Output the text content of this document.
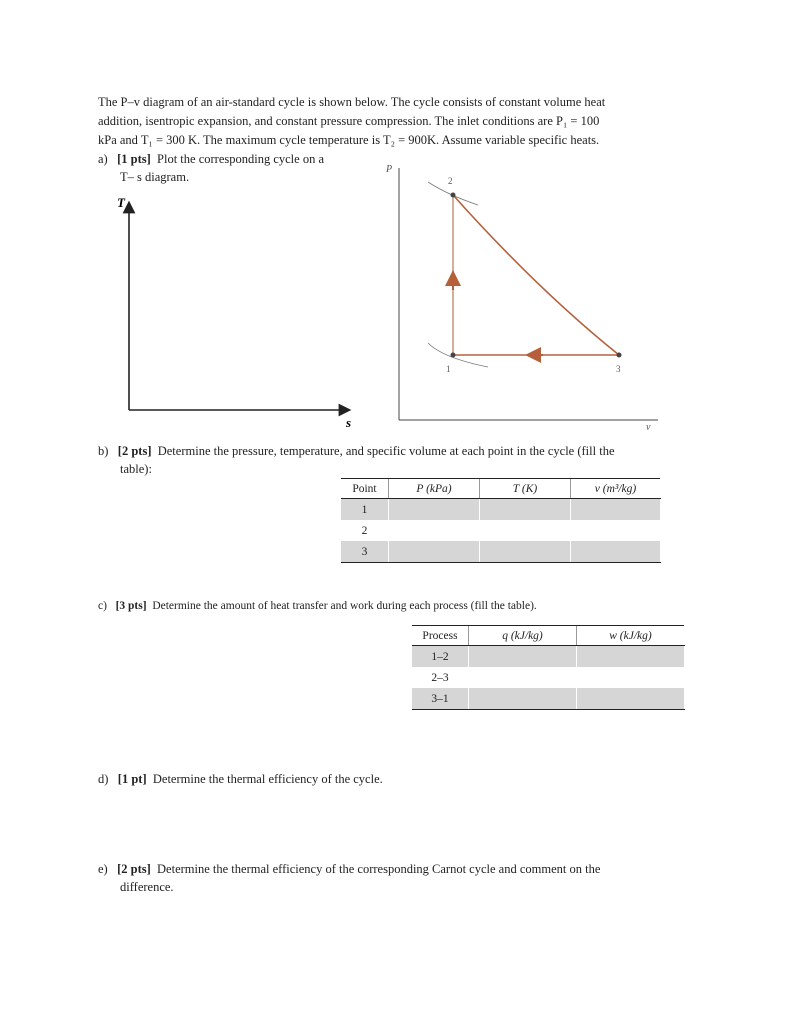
The P–v diagram of an air-standard cycle is shown below. The cycle consists of constant volume heat
addition, isentropic expansion, and constant pressure compression. The inlet conditions are P₁ = 100
kPa and T₁ = 300 K. The maximum cycle temperature is T₂ = 900K. Assume variable specific heats.
a) [1 pts] Plot the corresponding cycle on a
T– s diagram.
T
s
P
v
2
1	3
b) [2 pts] Determine the pressure, temperature, and specific volume at each point in the cycle (fill the
table):
Point	P (kPa)	T (K)	v (m³/kg)
1			
2			
3			
c) [3 pts] Determine the amount of heat transfer and work during each process (fill the table).
Process	q (kJ/kg)	w (kJ/kg)
1–2		
2–3		
3–1		
d) [1 pt] Determine the thermal efficiency of the cycle.
e) [2 pts] Determine the thermal efficiency of the corresponding Carnot cycle and comment on the
difference.
